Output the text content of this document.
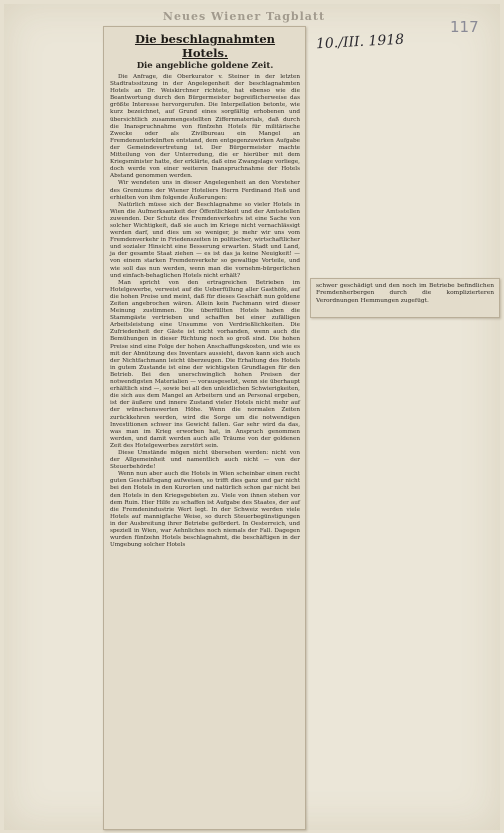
Neues Wiener Tagblatt
10./III. 1918
117
Die beschlagnahmten Hotels.
Die angebliche goldene Zeit.

Die Anfrage, die Oberkurator v. Steiner in der letzten Stadtratssitzung in der Angelegenheit der beschlagnahmten Hotels an Dr. Weiskirchner richtete, hat ebenso wie die Beantwortung durch den Bürgermeister begreiflicherweise das größte Interesse hervorgerufen. Die Interpellation betonte, wie kurz bezeichnet, auf Grund eines sorgfältig erhobenen und übersichtlich zusammengestellten Ziffernmaterials, daß durch die Inanspruchnahme von fünfzehn Hotels für militärische Zwecke oder als Zivilbureau ein Mangel an Fremdenunterkünften entstand, dem entgegenzuwirken Aufgabe der Gemeindevertretung ist. Der Bürgermeister machte Mitteilung von der Unterredung, die er hierüber mit dem Kriegsminister hatte, der erklärte, daß eine Zwangslage vorliege, doch werde von einer weiteren Inanspruchnahme der Hotels Abstand genommen werden.

Wir wendeten uns in dieser Angelegenheit an den Vorsteher des Gremiums der Wiener Hoteliers Herrn Ferdinand Heß und erhielten von ihm folgende Äußerungen:

Natürlich müsse sich der Beschlagnahme so vieler Hotels in Wien die Aufmerksamkeit der Öffentlichkeit und der Amtsstellen zuwenden. Der Schutz des Fremdenverkehrs ist eine Sache von solcher Wichtigkeit, daß sie auch im Kriege nicht vernachlässigt werden darf, und dies um so weniger, je mehr wir uns vom Fremdenverkehr in Friedenszeiten in politischer, wirtschaftlicher und sozialer Hinsicht eine Besserung erwarten. Stadt und Land, ja der gesamte Staat ziehen — es ist das ja keine Neuigkeit! — von einem starken Fremdenverkehr so gewaltige Vorteile, und wie soll das nun werden, wenn man die vornehm-bürgerlichen und einfach-behaglichen Hotels nicht erhält?

Man spricht von den ertragreichen Betrieben im Hotelgewerbe, verweist auf die Ueberfüllung aller Gasthöfe, auf die hohen Preise und meint, daß für dieses Geschäft nun goldene Zeiten angebrochen wären. Allein kein Fachmann wird dieser Meinung zustimmen. Die überfüllten Hotels haben die Stammgäste vertrieben und schaffen bei einer zufälligen Arbeitsleistung eine Unsumme von Verdrießlichkeiten. Die Zufriedenheit der Gäste ist nicht vorhanden, wenn auch die Bemühungen in dieser Richtung noch so groß sind. Die hohen Preise sind eine Folge der hohen Anschaffungskosten, und wie es mit der Abnützung des Inventars aussieht, davon kann sich auch der Nichtfachmann leicht überzeugen. Die Erhaltung des Hotels in gutem Zustande ist eine der wichtigsten Grundlagen für den Betrieb. Bei den unerschwinglich hohen Preisen der notwendigsten Materialien — vorausgesetzt, wenn sie überhaupt erhältlich sind —, sowie bei all den unleidlichen Schwierigkeiten, die sich aus dem Mangel an Arbeitern und an Personal ergeben, ist der äußere und innere Zustand vieler Hotels nicht mehr auf der wünschenswerten Höhe. Wenn die normalen Zeiten zurückkehren werden, wird die Sorge um die notwendigen Investitionen schwer ins Gewicht fallen. Gar sehr wird da das, was man im Krieg erworben hat, in Anspruch genommen werden, und damit werden auch alle Träume von der goldenen Zeit des Hotelgewerbes zerstört sein.

Diese Umstände mögen nicht übersehen werden: nicht von der Allgemeinheit und namentlich auch nicht — von der Steuerbehörde!

Wenn nun aber auch die Hotels in Wien scheinbar einen recht guten Geschäftsgang aufweisen, so trifft dies ganz und gar nicht bei den Hotels in den Kurorten und natürlich schon gar nicht bei den Hotels in den Kriegsgebieten zu. Viele von ihnen stehen vor dem Ruin. Hier Hilfe zu schaffen ist Aufgabe des Staates, der auf die Fremdenindustrie Wert legt. In der Schweiz werden viele Hotels auf mannigfache Weise, so durch Steuerbegünstigungen in der Ausbreitung ihrer Betriebe gefördert. In Oesterreich, und speziell in Wien, war Aehnliches noch niemals der Fall. Dagegen wurden fünfzehn Hotels beschlagnahmt, die beschäftigen in der Umgebung solcher Hotels

schwer geschädigt und den noch im Betriebe befindlichen Fremdenherbergen durch die komplizierteren Verordnungen Hemmungen zugefügt.
